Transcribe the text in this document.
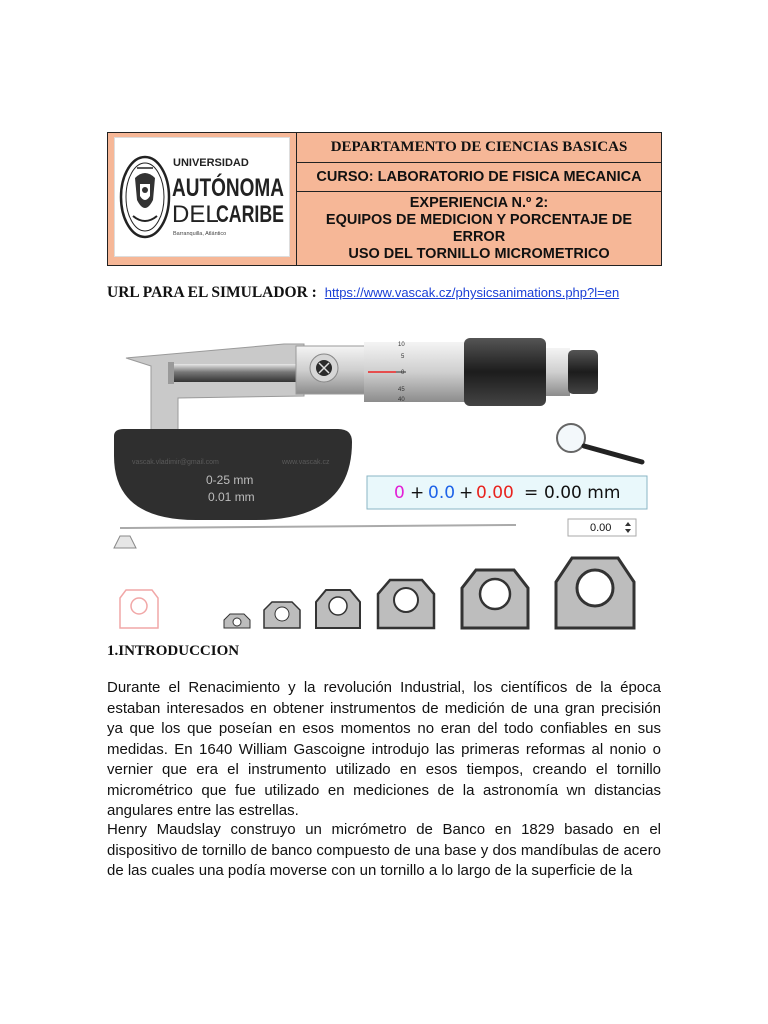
UNIVERSIDAD
AUTÓNOMA
DEL
CARIBE
Barranquilla, Atlántico
DEPARTAMENTO DE CIENCIAS BASICAS
CURSO: LABORATORIO DE FISICA MECANICA
EXPERIENCIA N.º 2:
EQUIPOS DE MEDICION Y PORCENTAJE DE
ERROR
USO DEL TORNILLO MICROMETRICO
URL PARA EL SIMULADOR : https://www.vascak.cz/physicsanimations.php?l=en
vascak.vladimir@gmail.com	www.vascak.cz
0-25 mm
0.01 mm
10
5
0
45
40
0 + 0.0 + 0.00 = 0.00 mm
0.00
1.INTRODUCCION
Durante el Renacimiento y la revolución Industrial, los científicos de la época estaban interesados en obtener instrumentos de medición de una gran precisión ya que los que poseían en esos momentos no eran del todo confiables en sus medidas. En 1640 William Gascoigne introdujo las primeras reformas al nonio o vernier que era el instrumento utilizado en esos tiempos, creando el tornillo micrométrico que fue utilizado en mediciones de la astronomía wn distancias angulares entre las estrellas.
Henry Maudslay construyo un micrómetro de Banco en 1829 basado en el dispositivo de tornillo de banco compuesto de una base y dos mandíbulas de acero de las cuales una podía moverse con un tornillo a lo largo de la superficie de la
